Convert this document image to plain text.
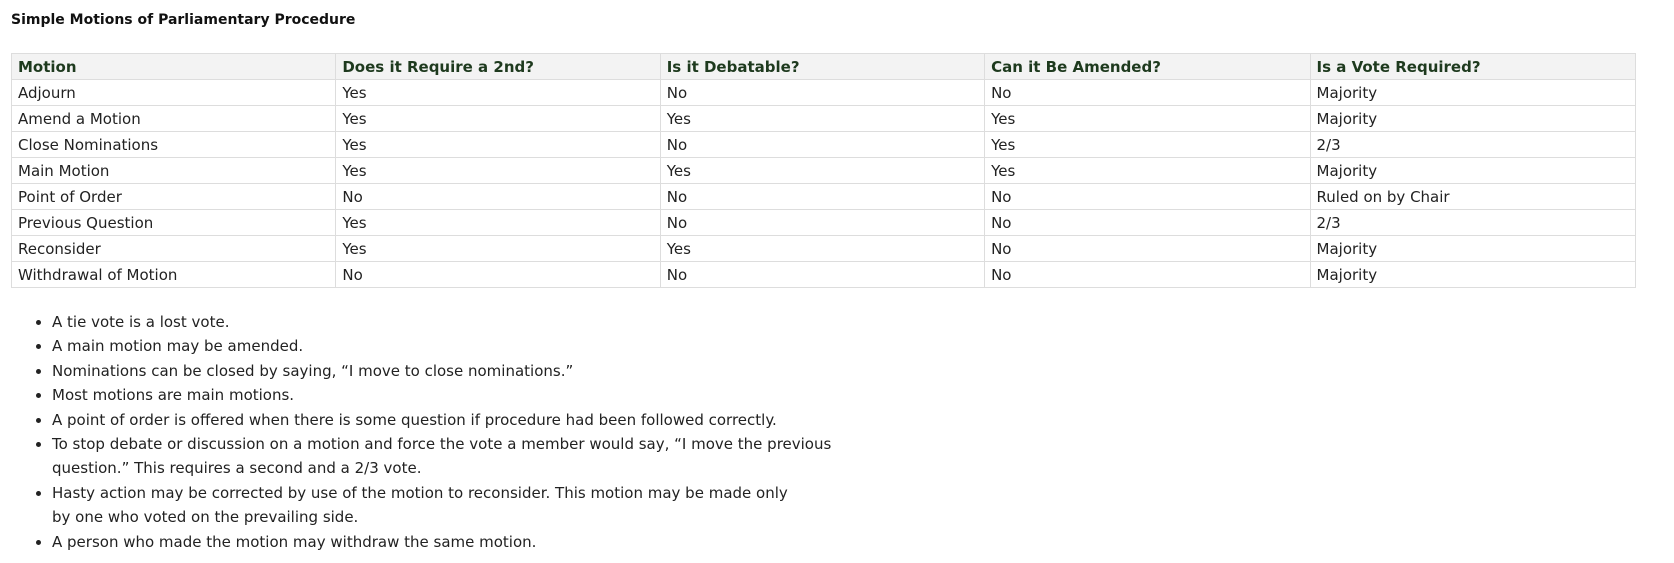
Simple Motions of Parliamentary Procedure
Motion	Does it Require a 2nd?	Is it Debatable?	Can it Be Amended?	Is a Vote Required?
Adjourn	Yes	No	No	Majority
Amend a Motion	Yes	Yes	Yes	Majority
Close Nominations	Yes	No	Yes	2/3
Main Motion	Yes	Yes	Yes	Majority
Point of Order	No	No	No	Ruled on by Chair
Previous Question	Yes	No	No	2/3
Reconsider	Yes	Yes	No	Majority
Withdrawal of Motion	No	No	No	Majority
• A tie vote is a lost vote.
• A main motion may be amended.
• Nominations can be closed by saying, “I move to close nominations.”
• Most motions are main motions.
• A point of order is offered when there is some question if procedure had been followed correctly.
• To stop debate or discussion on a motion and force the vote a member would say, “I move the previous
question.” This requires a second and a 2/3 vote.
• Hasty action may be corrected by use of the motion to reconsider. This motion may be made only
by one who voted on the prevailing side.
• A person who made the motion may withdraw the same motion.
